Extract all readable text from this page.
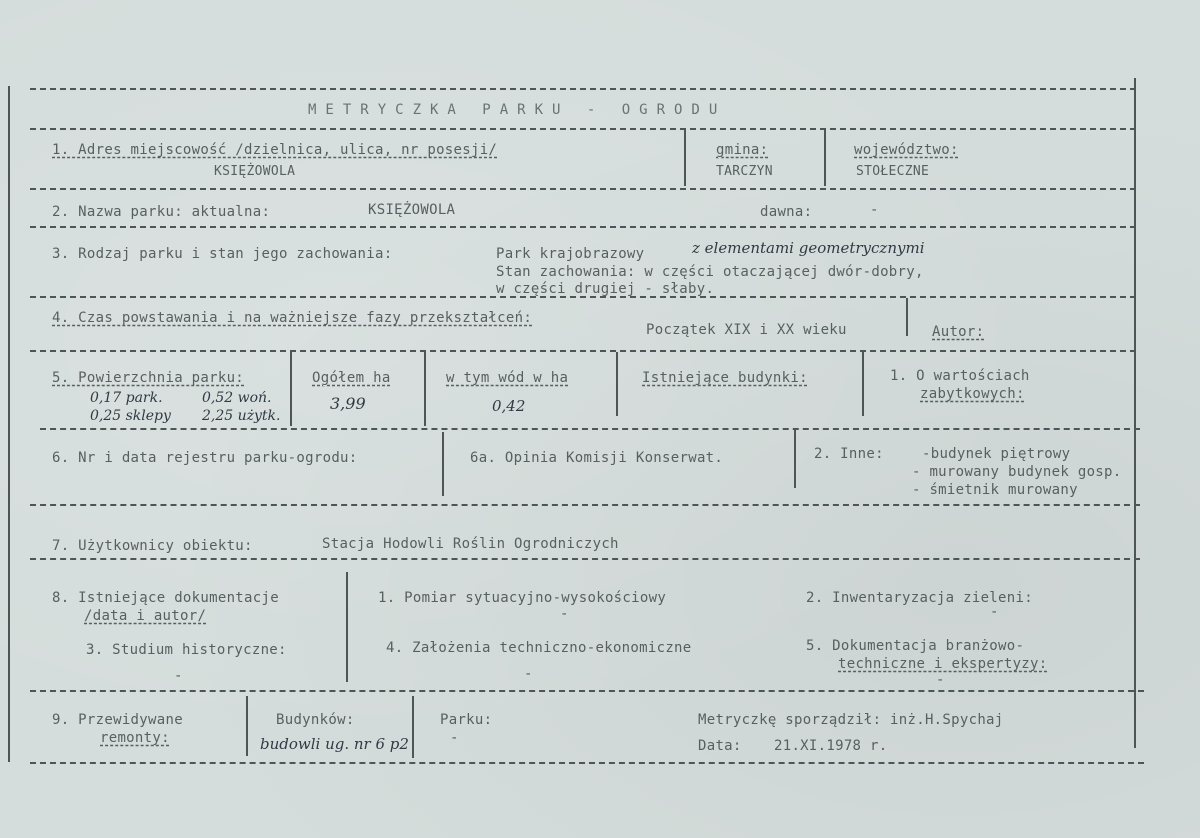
METRYCZKA PARKU - OGRODU
1. Adres miejscowość /dzielnica, ulica, nr posesji/
KSIĘŻOWOLA
gmina:
TARCZYN
województwo:
STOŁECZNE
2. Nazwa parku: aktualna:	KSIĘŻOWOLA	dawna:	-
3. Rodzaj parku i stan jego zachowania:	Park krajobrazowy	z elementami geometrycznymi
Stan zachowania: w części otaczającej dwór-dobry,
w części drugiej - słaby.
4. Czas powstawania i na ważniejsze fazy przekształceń:
Początek XIX i XX wieku	Autor:
5. Powierzchnia parku:
0,17 park.	0,52 woń.
0,25 sklepy 2,25 użytk.
Ogółem ha
3,99
w tym wód w ha
0,42
Istniejące budynki:	1. O wartościach
zabytkowych:
6. Nr i data rejestru parku-ogrodu:	6a. Opinia Komisji Konserwat.	2. Inne:	-budynek piętrowy
- murowany budynek gosp.
- śmietnik murowany
7. Użytkownicy obiektu:	Stacja Hodowli Roślin Ogrodniczych
8. Istniejące dokumentacje
/data i autor/
1. Pomiar sytuacyjno-wysokościowy
-
2. Inwentaryzacja zieleni:
-
3. Studium historyczne:
-
4. Założenia techniczno-ekonomiczne
-
5. Dokumentacja branżowo-
techniczne i ekspertyzy:
-
9. Przewidywane
remonty:
Budynków:
budowli ug. nr 6 p2
Parku:
-
Metryczkę sporządził: inż.H.Spychaj
Data: 21.XI.1978 r.
